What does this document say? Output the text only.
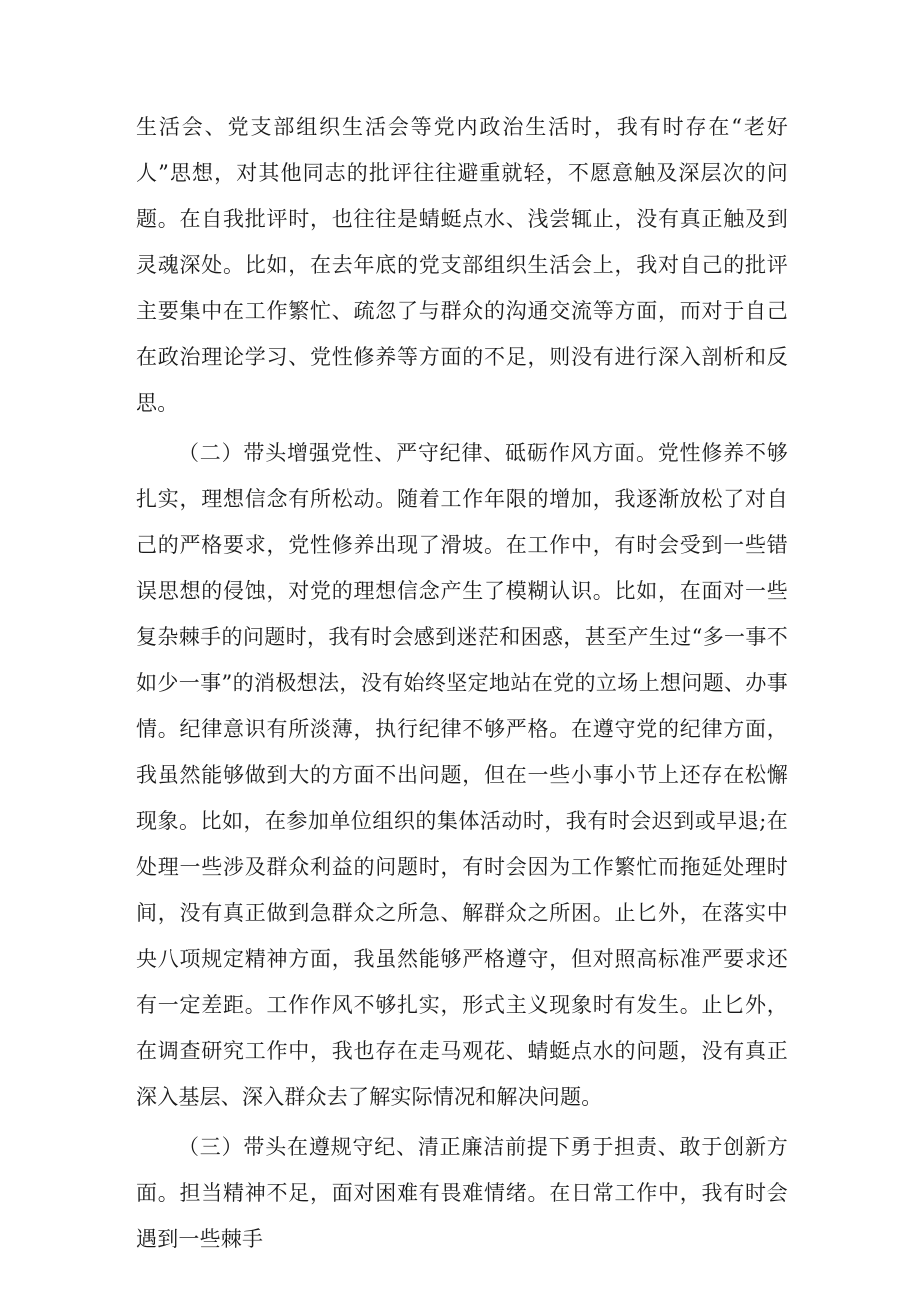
生活会、党支部组织生活会等党内政治生活时，我有时存在“老好人”思想，对其他同志的批评往往避重就轻，不愿意触及深层次的问题。在自我批评时，也往往是蜻蜓点水、浅尝辄止，没有真正触及到灵魂深处。比如，在去年底的党支部组织生活会上，我对自己的批评主要集中在工作繁忙、疏忽了与群众的沟通交流等方面，而对于自己在政治理论学习、党性修养等方面的不足，则没有进行深入剖析和反思。

（二）带头增强党性、严守纪律、砥砺作风方面。党性修养不够扎实，理想信念有所松动。随着工作年限的增加，我逐渐放松了对自己的严格要求，党性修养出现了滑坡。在工作中，有时会受到一些错误思想的侵蚀，对党的理想信念产生了模糊认识。比如，在面对一些复杂棘手的问题时，我有时会感到迷茫和困惑，甚至产生过“多一事不如少一事”的消极想法，没有始终坚定地站在党的立场上想问题、办事情。纪律意识有所淡薄，执行纪律不够严格。在遵守党的纪律方面，我虽然能够做到大的方面不出问题，但在一些小事小节上还存在松懈现象。比如，在参加单位组织的集体活动时，我有时会迟到或早退;在处理一些涉及群众利益的问题时，有时会因为工作繁忙而拖延处理时间，没有真正做到急群众之所急、解群众之所困。止匕外，在落实中央八项规定精神方面，我虽然能够严格遵守，但对照高标准严要求还有一定差距。工作作风不够扎实，形式主义现象时有发生。止匕外，在调查研究工作中，我也存在走马观花、蜻蜓点水的问题，没有真正深入基层、深入群众去了解实际情况和解决问题。

（三）带头在遵规守纪、清正廉洁前提下勇于担责、敢于创新方面。担当精神不足，面对困难有畏难情绪。在日常工作中，我有时会遇到一些棘手
